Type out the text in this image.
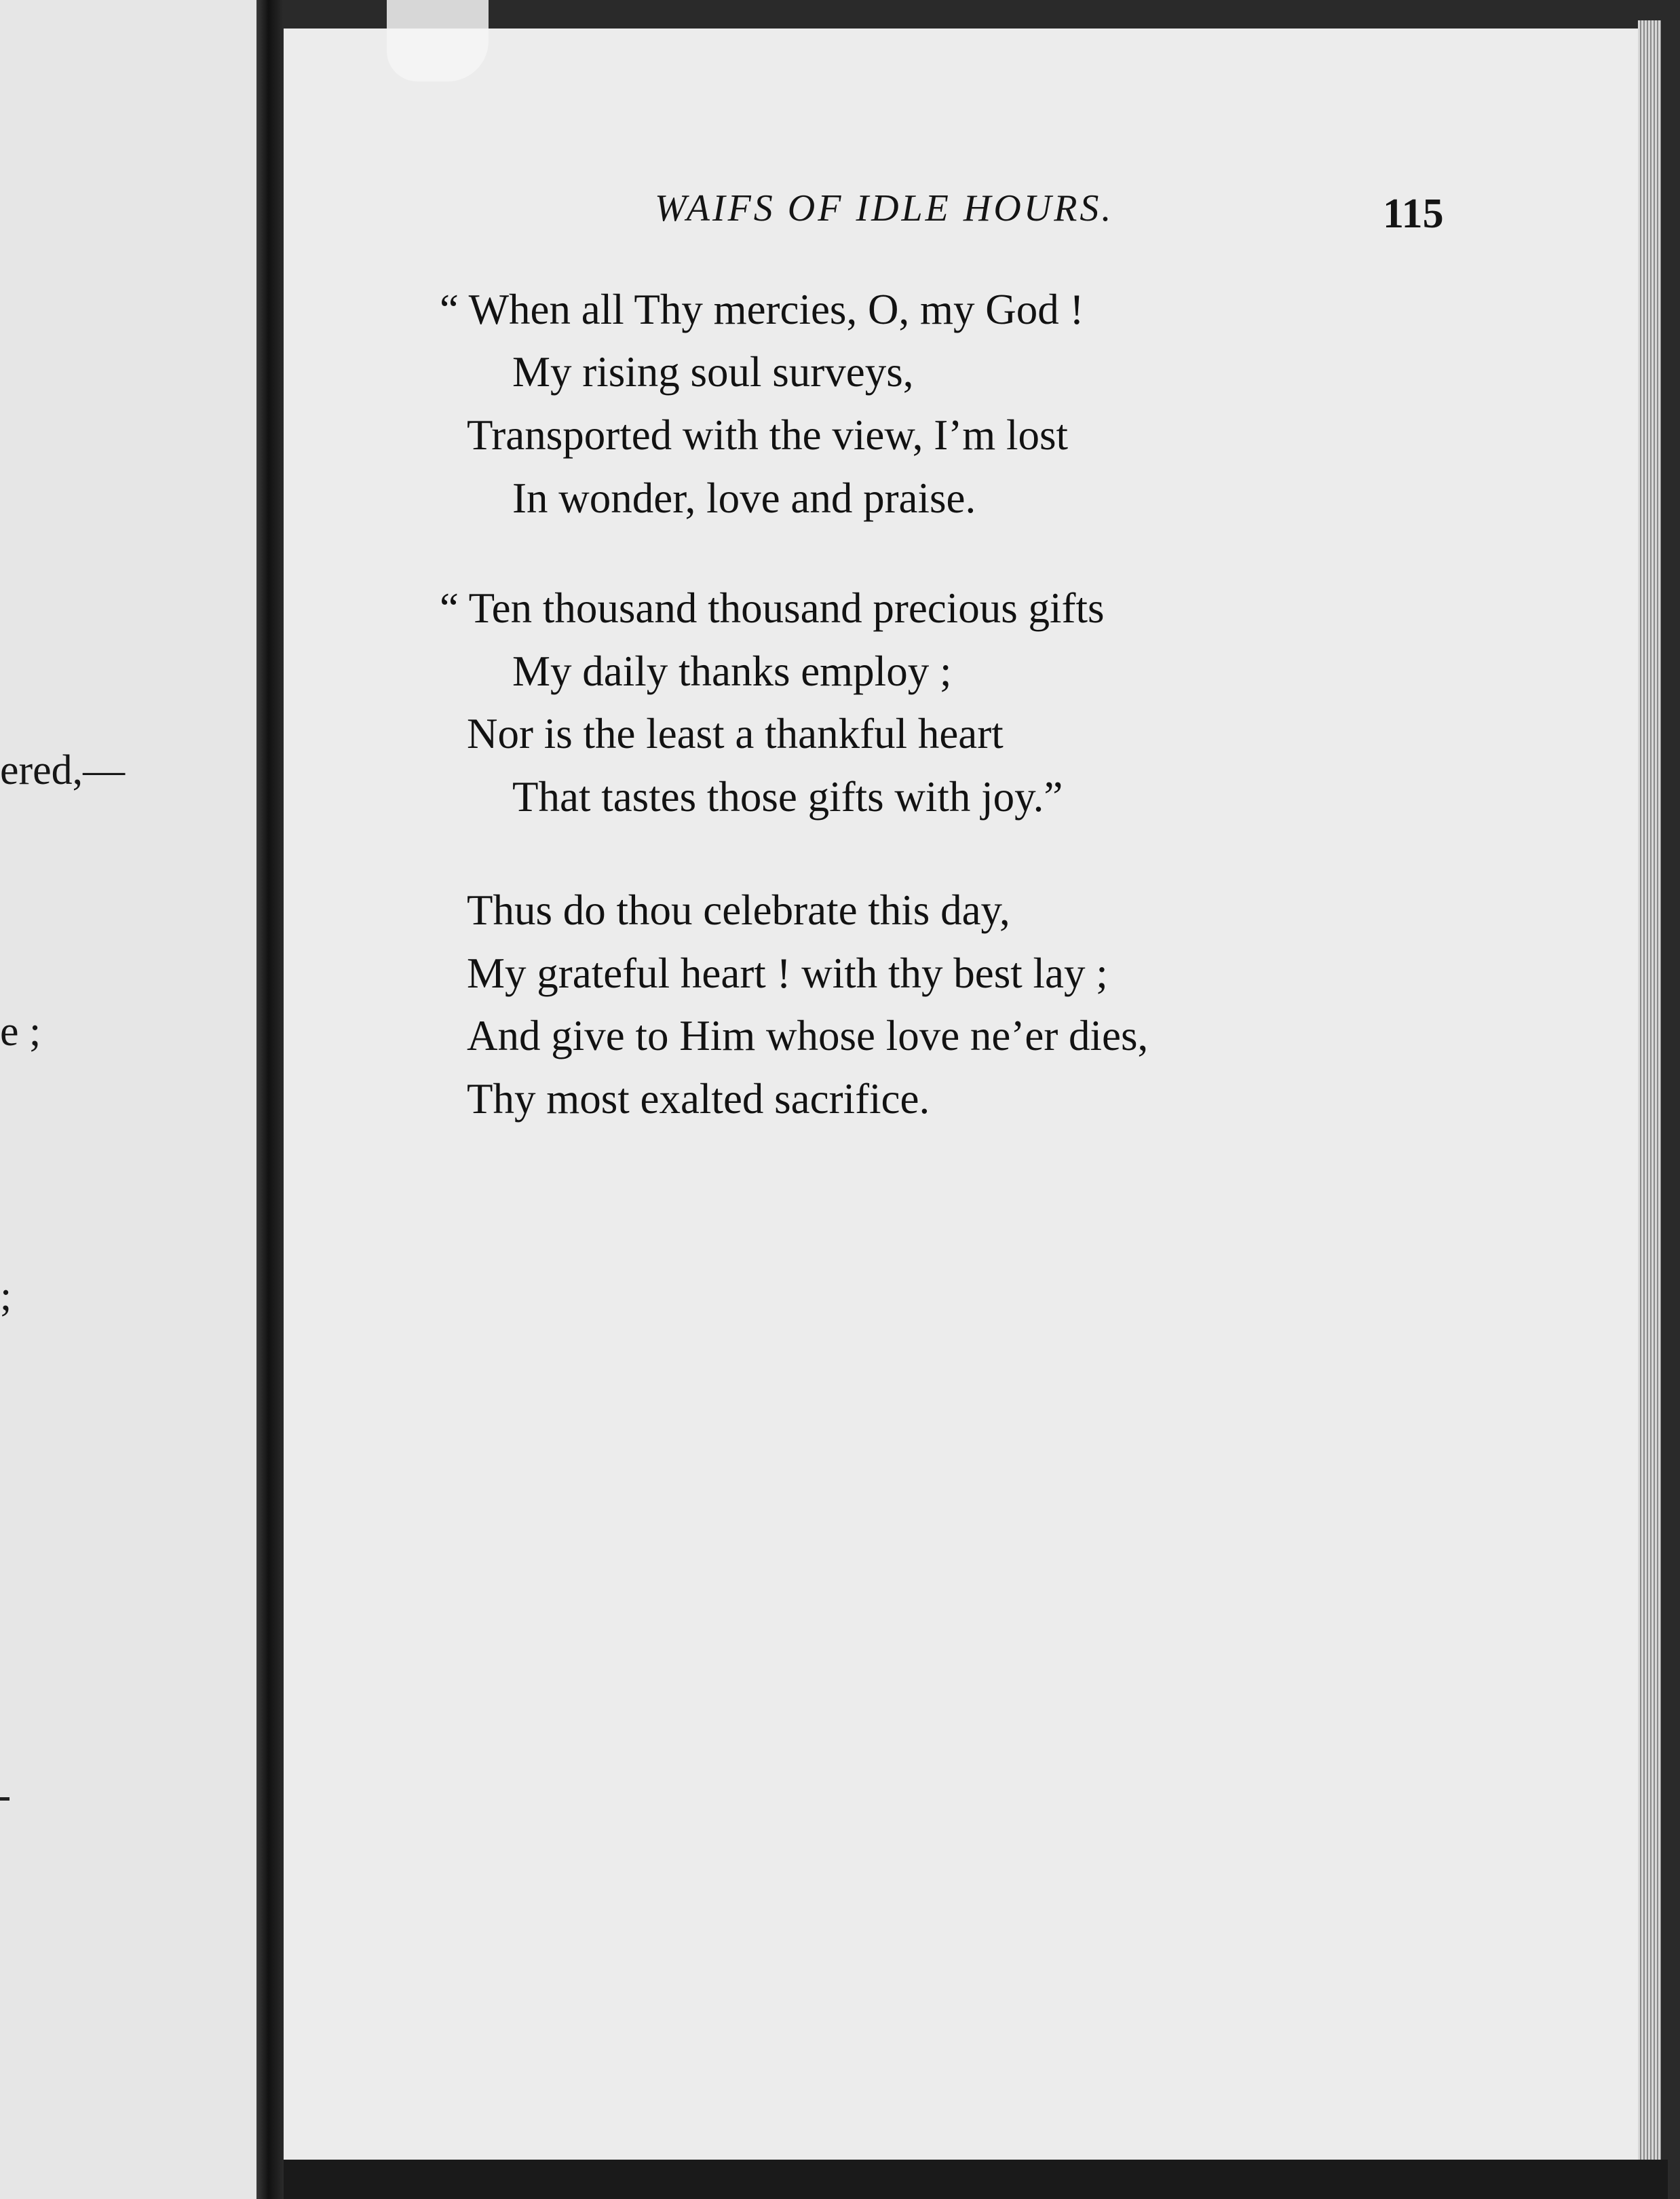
ered,—
e ;
;
WAIFS OF IDLE HOURS.	115
“ When all Thy mercies, O, my God !
My rising soul surveys,
Transported with the view, I’m lost
In wonder, love and praise.
“ Ten thousand thousand precious gifts
My daily thanks employ ;
Nor is the least a thankful heart
That tastes those gifts with joy.”
Thus do thou celebrate this day,
My grateful heart ! with thy best lay ;
And give to Him whose love ne’er dies,
Thy most exalted sacrifice.
